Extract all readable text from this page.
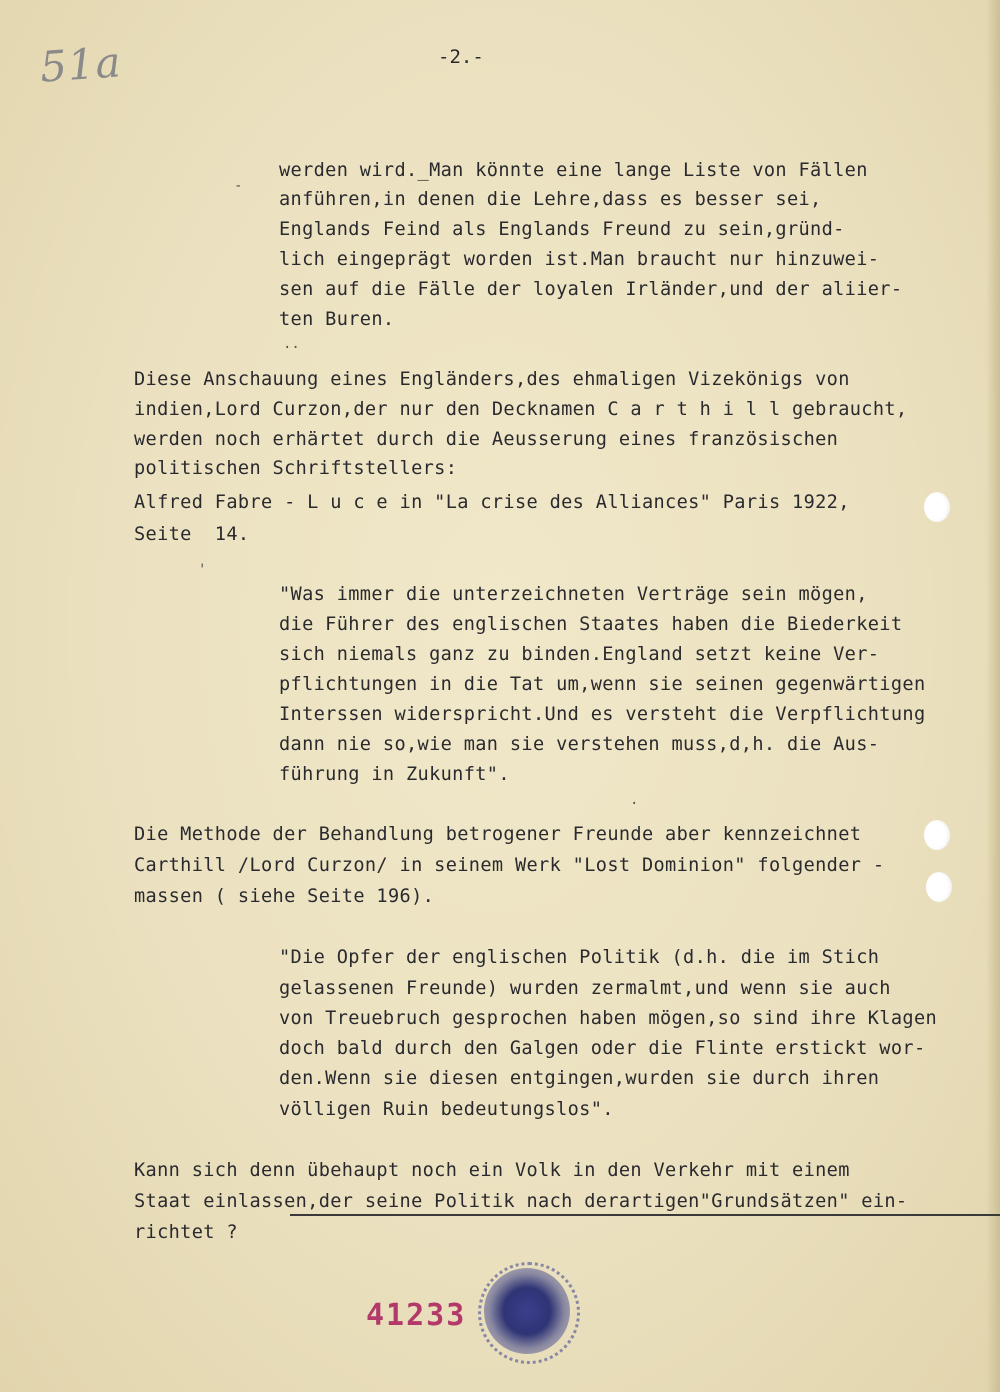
51a	-2.-
werden wird._Man könnte eine lange Liste von Fällen
anführen,in denen die Lehre,dass es besser sei,
Englands Feind als Englands Freund zu sein,gründ-
lich eingeprägt worden ist.Man braucht nur hinzuwei-
sen auf die Fälle der loyalen Irländer,und der aliier-
ten Buren.
Diese Anschauung eines Engländers,des ehmaligen Vizekönigs von
indien,Lord Curzon,der nur den Decknamen C a r t h i l l gebraucht,
werden noch erhärtet durch die Aeusserung eines französischen
politischen Schriftstellers:
Alfred Fabre - L u c e in "La crise des Alliances" Paris 1922,
Seite  14.
"Was immer die unterzeichneten Verträge sein mögen,
die Führer des englischen Staates haben die Biederkeit
sich niemals ganz zu binden.England setzt keine Ver-
pflichtungen in die Tat um,wenn sie seinen gegenwärtigen
Interssen widerspricht.Und es versteht die Verpflichtung
dann nie so,wie man sie verstehen muss,d,h. die Aus-
führung in Zukunft".
Die Methode der Behandlung betrogener Freunde aber kennzeichnet
Carthill /Lord Curzon/ in seinem Werk "Lost Dominion" folgender -
massen ( siehe Seite 196).
"Die Opfer der englischen Politik (d.h. die im Stich
gelassenen Freunde) wurden zermalmt,und wenn sie auch
von Treuebruch gesprochen haben mögen,so sind ihre Klagen
doch bald durch den Galgen oder die Flinte erstickt wor-
den.Wenn sie diesen entgingen,wurden sie durch ihren
völligen Ruin bedeutungslos".
Kann sich denn übehaupt noch ein Volk in den Verkehr mit einem
Staat einlassen,der seine Politik nach derartigen"Grundsätzen" ein-
richtet ?
-
..
'
.
41233
